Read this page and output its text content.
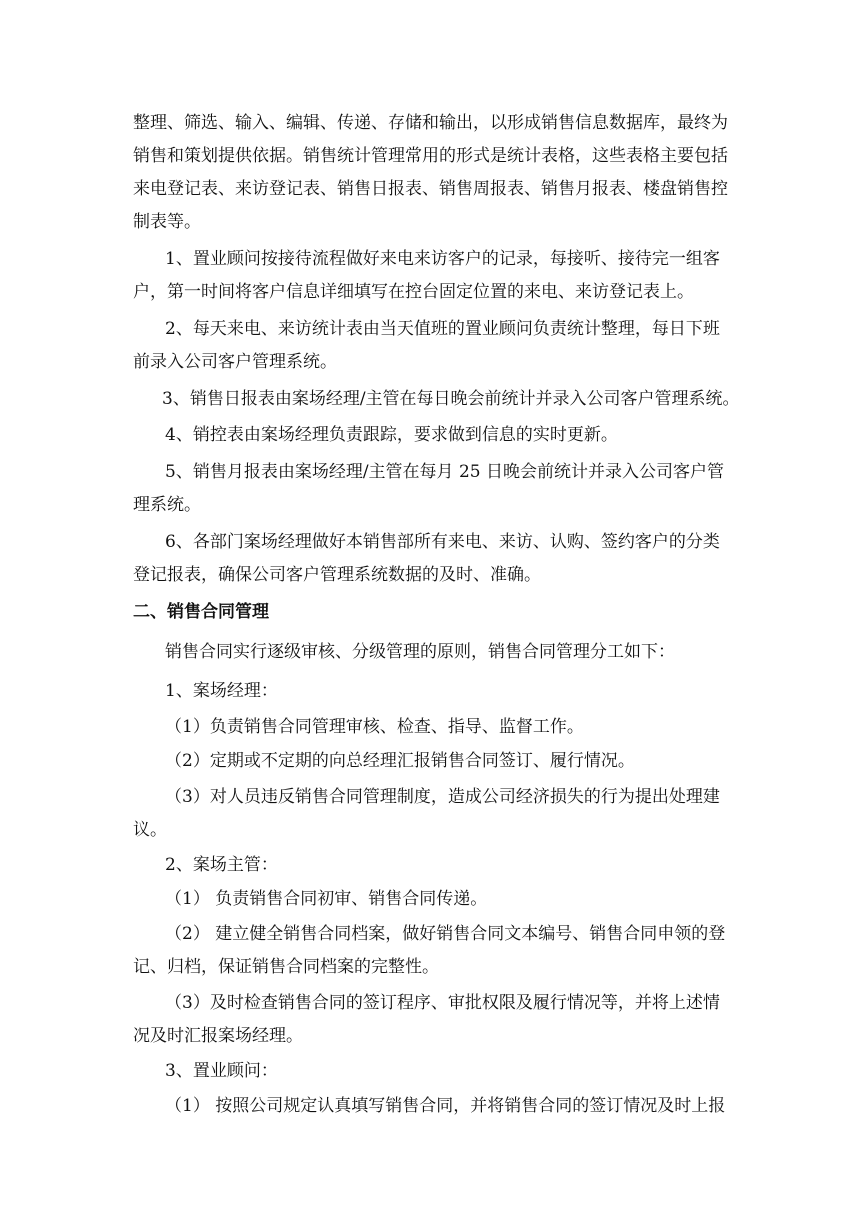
整理、筛选、输入、编辑、传递、存储和输出，以形成销售信息数据库，最终为

销售和策划提供依据。销售统计管理常用的形式是统计表格，这些表格主要包括

来电登记表、来访登记表、销售日报表、销售周报表、销售月报表、楼盘销售控

制表等。

1、置业顾问按接待流程做好来电来访客户的记录，每接听、接待完一组客

户，第一时间将客户信息详细填写在控台固定位置的来电、来访登记表上。

2、每天来电、来访统计表由当天值班的置业顾问负责统计整理，每日下班

前录入公司客户管理系统。

3、销售日报表由案场经理/主管在每日晚会前统计并录入公司客户管理系统。

4、销控表由案场经理负责跟踪，要求做到信息的实时更新。

5、销售月报表由案场经理/主管在每月 25 日晚会前统计并录入公司客户管

理系统。

6、各部门案场经理做好本销售部所有来电、来访、认购、签约客户的分类

登记报表，确保公司客户管理系统数据的及时、准确。

二、销售合同管理

销售合同实行逐级审核、分级管理的原则，销售合同管理分工如下：

1、案场经理：

（1）负责销售合同管理审核、检查、指导、监督工作。

（2）定期或不定期的向总经理汇报销售合同签订、履行情况。

（3）对人员违反销售合同管理制度，造成公司经济损失的行为提出处理建

议。

2、案场主管：

（1） 负责销售合同初审、销售合同传递。

（2） 建立健全销售合同档案，做好销售合同文本编号、销售合同申领的登

记、归档，保证销售合同档案的完整性。

（3）及时检查销售合同的签订程序、审批权限及履行情况等，并将上述情

况及时汇报案场经理。

3、置业顾问：

（1） 按照公司规定认真填写销售合同，并将销售合同的签订情况及时上报
